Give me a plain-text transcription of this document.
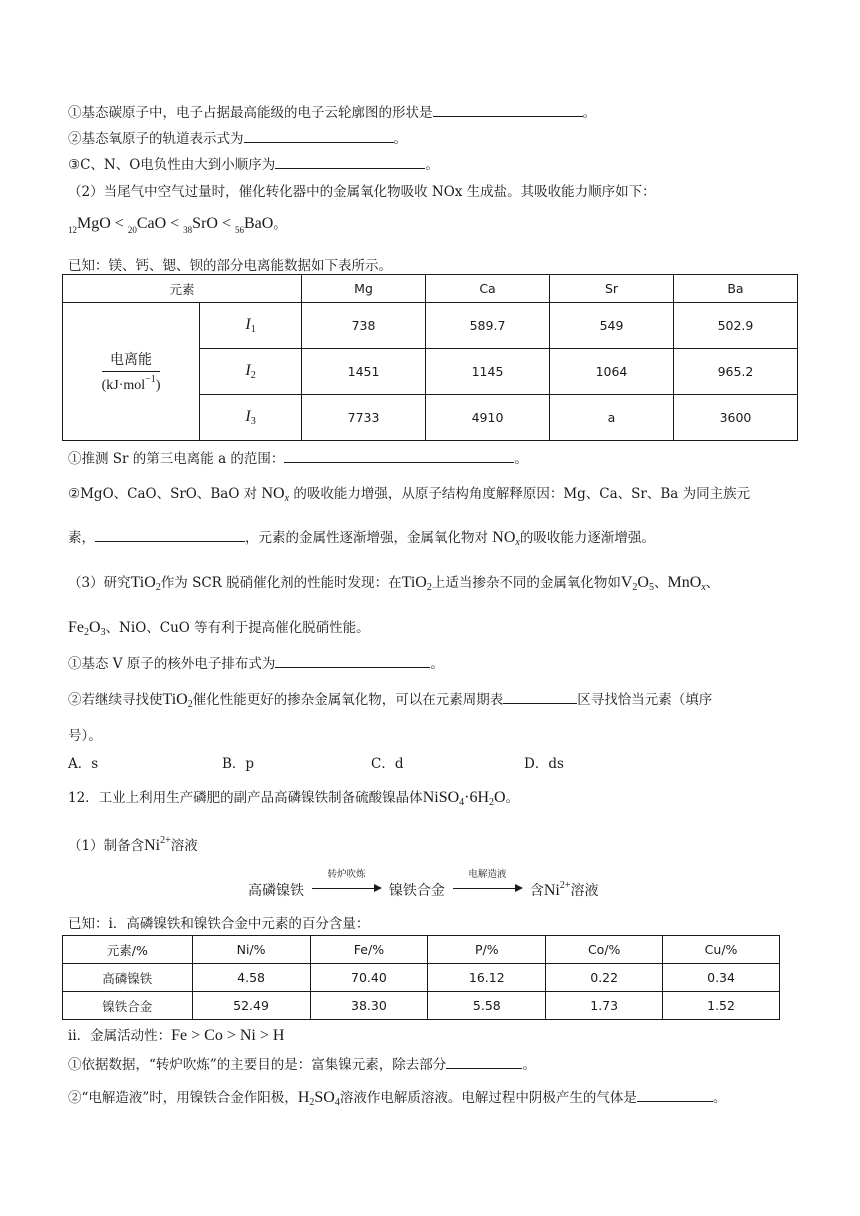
①基态碳原子中，电子占据最高能级的电子云轮廓图的形状是	。
②基态氧原子的轨道表示式为	。
③C、N、O电负性由大到小顺序为	。
（2）当尾气中空气过量时，催化转化器中的金属氧化物吸收 NOx 生成盐。其吸收能力顺序如下：
$_{12}$MgO < $_{20}$CaO < $_{38}$SrO < $_{56}$BaO。
已知：镁、钙、锶、钡的部分电离能数据如下表所示。
元素		Mg	Ca	Sr	Ba

$\frac{\text{电离能}}{(kJ\cdot mol^{-1})}$	$I_1$	738	589.7	549	502.9
	$I_2$	1451	1145	1064	965.2
	$I_3$	7733	4910	a	3600
①推测 Sr 的第三电离能 a 的范围：	。
②MgO、CaO、SrO、BaO 对 $NO_x$ 的吸收能力增强，从原子结构角度解释原因：Mg、Ca、Sr、Ba 为同主族元
素，	，元素的金属性逐渐增强，金属氧化物对 $NO_x$的吸收能力逐渐增强。
（3）研究TiO$_2$作为 SCR 脱硝催化剂的性能时发现：在TiO$_2$上适当掺杂不同的金属氧化物如$V_2O_5$、MnO$_x$、
$Fe_2O_3$、NiO、CuO 等有利于提高催化脱硝性能。
①基态 V 原子的核外电子排布式为	。
②若继续寻找使TiO$_2$催化性能更好的掺杂金属氧化物，可以在元素周期表	区寻找恰当元素（填序
号）。
A．s	B．p	C．d	D．ds
12．工业上利用生产磷肥的副产品高磷镍铁制备硫酸镍晶体$NiSO_4\cdot 6H_2O$。
（1）制备含$Ni^{2+}$溶液
高磷镍铁
转炉吹炼
镍铁合金
电解造液
含$Ni^{2+}$溶液
已知：ⅰ．高磷镍铁和镍铁合金中元素的百分含量：
元素/%	Ni/%	Fe/%	P/%	Co/%	Cu/%
高磷镍铁	4.58	70.40	16.12	0.22	0.34
镍铁合金	52.49	38.30	5.58	1.73	1.52
ⅱ．金属活动性：Fe > Co > Ni > H
①依据数据，“转炉吹炼”的主要目的是：富集镍元素，除去部分	。
②“电解造液”时，用镍铁合金作阳极，$H_2SO_4$溶液作电解质溶液。电解过程中阴极产生的气体是	。
